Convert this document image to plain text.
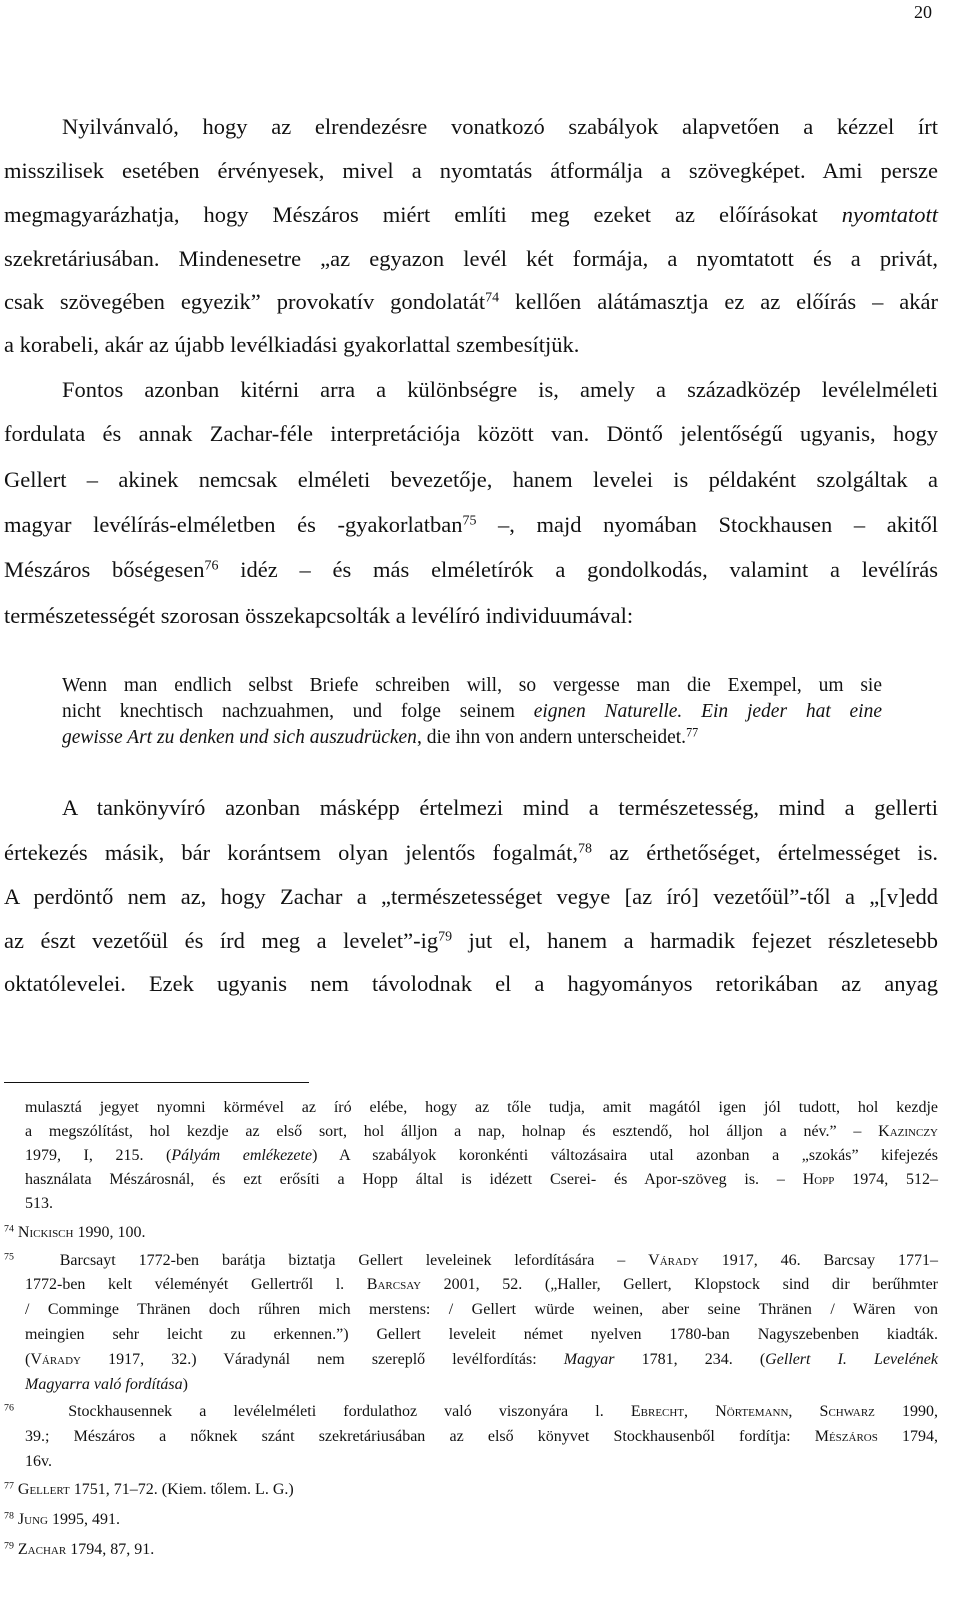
20
Nyilvánvaló, hogy az elrendezésre vonatkozó szabályok alapvetően a kézzel írt
misszilisek esetében érvényesek, mivel a nyomtatás átformálja a szövegképet. Ami persze
megmagyarázhatja, hogy Mészáros miért említi meg ezeket az előírásokat nyomtatott
szekretáriusában. Mindenesetre „az egyazon levél két formája, a nyomtatott és a privát,
csak szövegében egyezik” provokatív gondolatát$^{74}$ kellően alátámasztja ez az előírás – akár
a korabeli, akár az újabb levélkiadási gyakorlattal szembesítjük.
Fontos azonban kitérni arra a különbségre is, amely a századközép levélelméleti
fordulata és annak Zachar-féle interpretációja között van. Döntő jelentőségű ugyanis, hogy
Gellert – akinek nemcsak elméleti bevezetője, hanem levelei is példaként szolgáltak a
magyar levélírás-elméletben és -gyakorlatban$^{75}$ –, majd nyomában Stockhausen – akitől
Mészáros bőségesen$^{76}$ idéz – és más elméletírók a gondolkodás, valamint a levélírás
természetességét szorosan összekapcsolták a levélíró individuumával:
Wenn man endlich selbst Briefe schreiben will, so vergesse man die Exempel, um sie
nicht knechtisch nachzuahmen, und folge seinem eignen Naturelle. Ein jeder hat eine
gewisse Art zu denken und sich auszudrücken, die ihn von andern unterscheidet.$^{77}$
A tankönyvíró azonban másképp értelmezi mind a természetesség, mind a gellerti
értekezés másik, bár korántsem olyan jelentős fogalmát,$^{78}$ az érthetőséget, értelmességet is.
A perdöntő nem az, hogy Zachar a „természetességet vegye [az író] vezetőül”-től a „[v]edd
az észt vezetőül és írd meg a $levelet”-ig^{79}$ jut el, hanem a harmadik fejezet részletesebb
oktatólevelei. Ezek ugyanis nem távolodnak el a hagyományos retorikában az anyag
mulasztá jegyet nyomni körmével az író elébe, hogy az tőle tudja, amit magától igen jól tudott, hol kezdje
a megszólítást, hol kezdje az első sort, hol álljon a nap, holnap és esztendő, hol álljon a név.” – Kazinczy
1979, I, 215. (Pályám emlékezete) A szabályok koronkénti változásaira utal azonban a „szokás” kifejezés
használata Mészárosnál, és ezt erősíti a Hopp által is idézett Cserei- és Apor-szöveg is. – Hopp 1974, 512–
513.
$^{74}$ Nickisch 1990, 100.
$^{75}$	Barcsayt 1772-ben barátja biztatja Gellert leveleinek lefordítására – Várady 1917, 46. Barcsay 1771–
1772-ben kelt véleményét Gellertről l. Barcsay 2001, 52. („Haller, Gellert, Klopstock sind dir berűhmter
/ Comminge Thränen doch rűhren mich merstens: / Gellert würde weinen, aber seine Thränen / Wären von
meingien sehr leicht zu erkennen.”) Gellert leveleit német nyelven 1780-ban Nagyszebenben kiadták.
(Várady 1917, 32.) Váradynál nem szereplő levélfordítás: Magyar 1781, 234. (Gellert I. Levelének
Magyarra való fordítása)
$^{76}$	Stockhausennek a levélelméleti fordulathoz való viszonyára l. Ebrecht, Nörtemann, Schwarz 1990,
39.; Mészáros a nőknek szánt szekretáriusában az első könyvet Stockhausenből fordítja: Mészáros 1794,
16v.
$^{77}$ Gellert 1751, 71–72. (Kiem. tőlem. L. G.)
$^{78}$ Jung 1995, 491.
$^{79}$ Zachar 1794, 87, 91.
